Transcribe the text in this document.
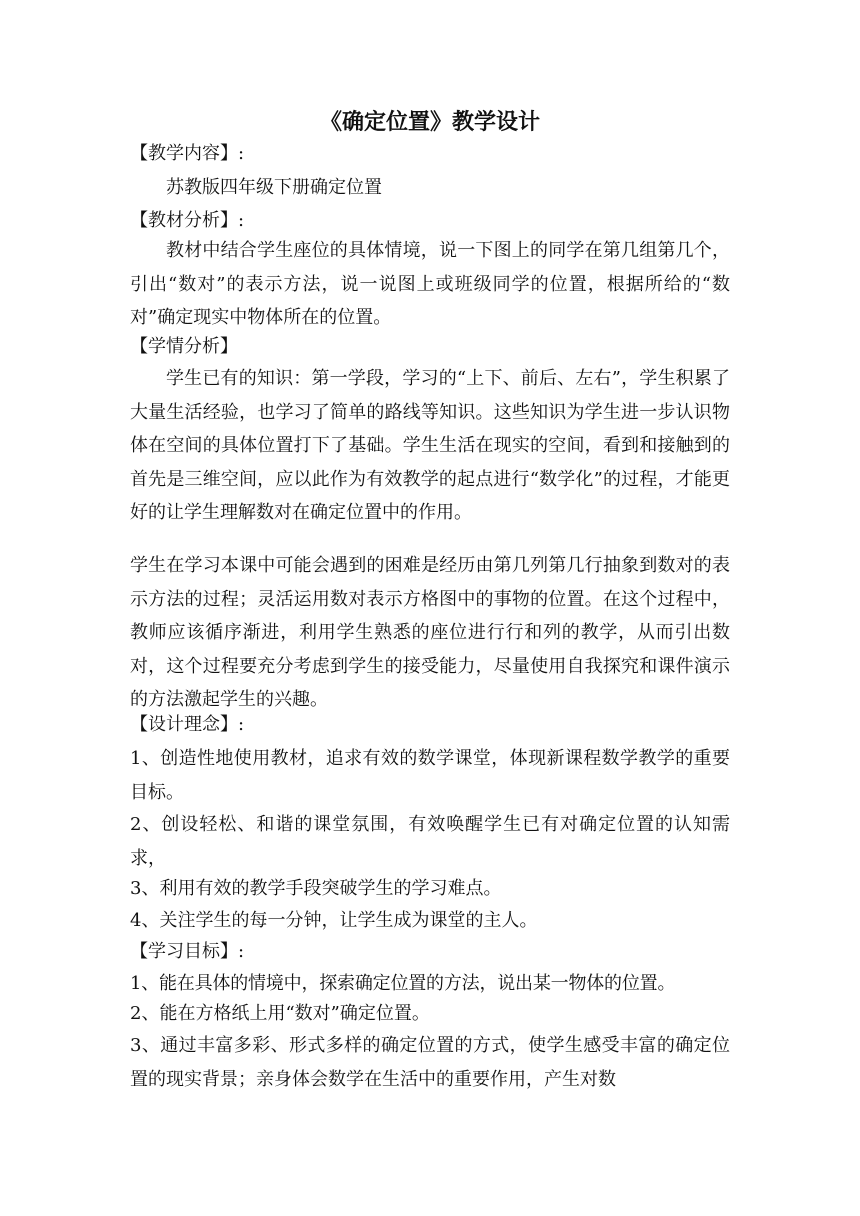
《确定位置》教学设计
【教学内容】:
苏教版四年级下册确定位置
【教材分析】:
教材中结合学生座位的具体情境，说一下图上的同学在第几组第几个，引出“数对”的表示方法，说一说图上或班级同学的位置，根据所给的“数对”确定现实中物体所在的位置。
【学情分析】
学生已有的知识：第一学段，学习的“上下、前后、左右”，学生积累了大量生活经验，也学习了简单的路线等知识。这些知识为学生进一步认识物体在空间的具体位置打下了基础。学生生活在现实的空间，看到和接触到的首先是三维空间，应以此作为有效教学的起点进行“数学化”的过程，才能更好的让学生理解数对在确定位置中的作用。
学生在学习本课中可能会遇到的困难是经历由第几列第几行抽象到数对的表示方法的过程；灵活运用数对表示方格图中的事物的位置。在这个过程中，教师应该循序渐进，利用学生熟悉的座位进行行和列的教学，从而引出数对，这个过程要充分考虑到学生的接受能力，尽量使用自我探究和课件演示的方法激起学生的兴趣。
【设计理念】:
1、创造性地使用教材，追求有效的数学课堂，体现新课程数学教学的重要目标。
2、创设轻松、和谐的课堂氛围，有效唤醒学生已有对确定位置的认知需求，
3、利用有效的教学手段突破学生的学习难点。
4、关注学生的每一分钟，让学生成为课堂的主人。
【学习目标】:
1、能在具体的情境中，探索确定位置的方法，说出某一物体的位置。
2、能在方格纸上用“数对”确定位置。
3、通过丰富多彩、形式多样的确定位置的方式，使学生感受丰富的确定位置的现实背景；亲身体会数学在生活中的重要作用，产生对数
